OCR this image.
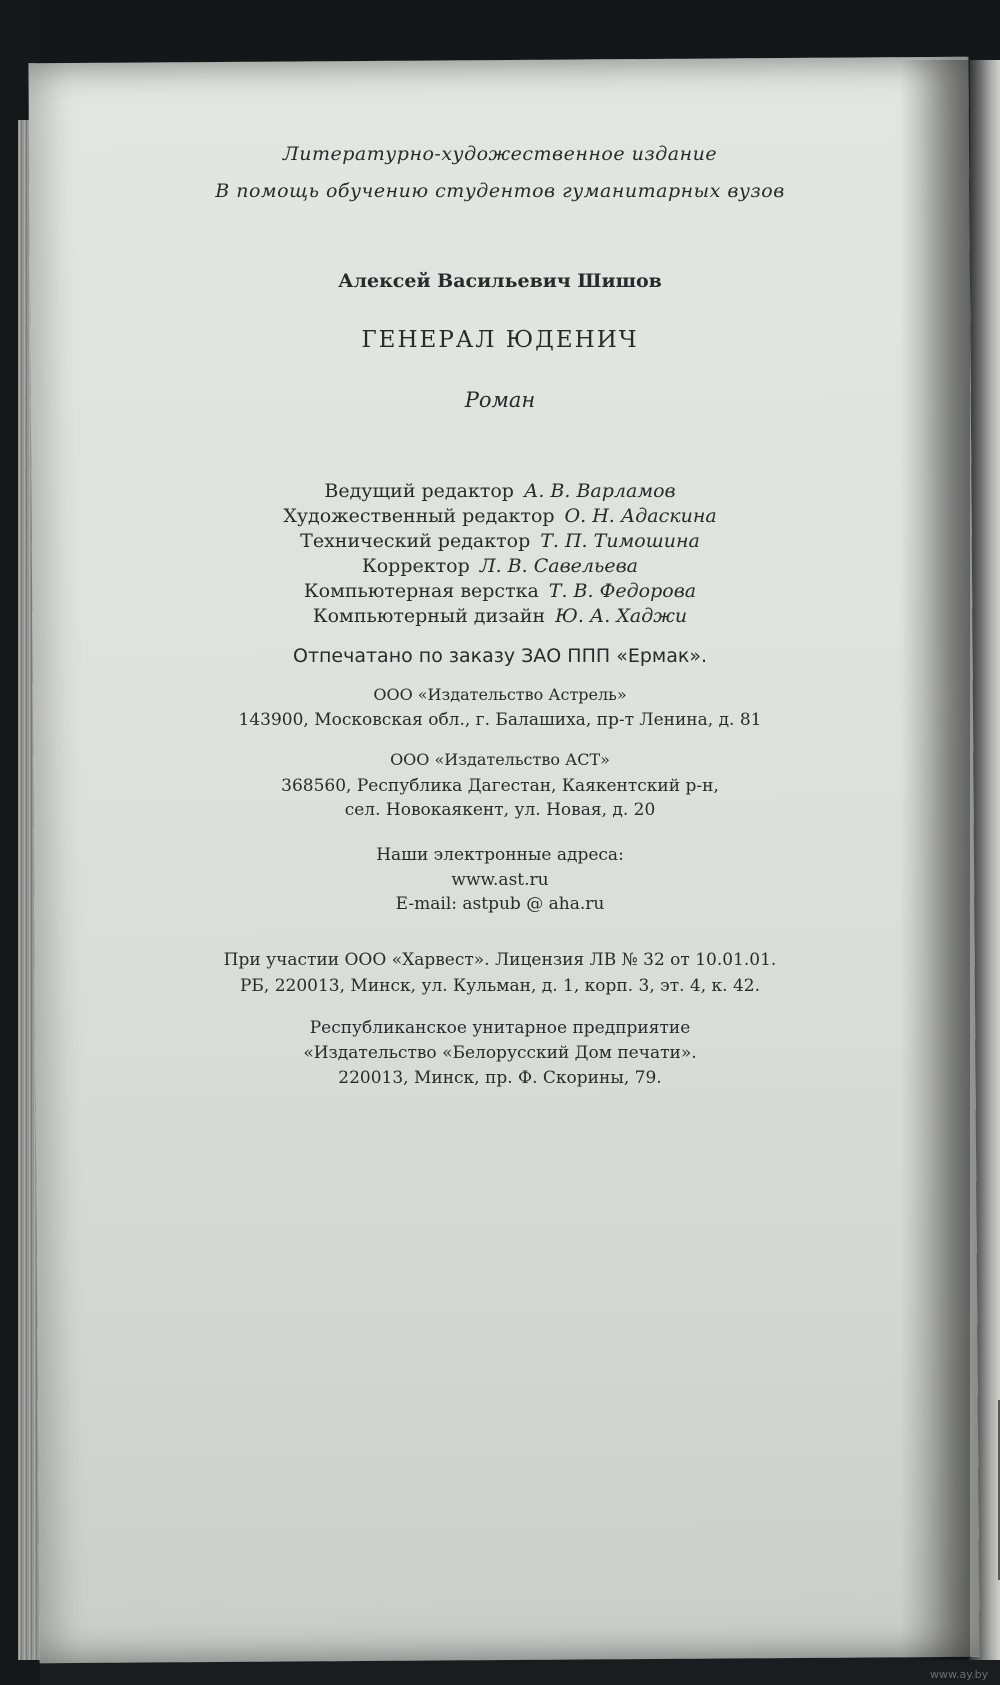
Литературно-художественное издание
В помощь обучению студентов гуманитарных вузов
Алексей Васильевич Шишов
ГЕНЕРАЛ ЮДЕНИЧ
Роман
Ведущий редактор А. В. Варламов
Художественный редактор О. Н. Адаскина
Технический редактор Т. П. Тимошина
Корректор Л. В. Савельева
Компьютерная верстка Т. В. Федорова
Компьютерный дизайн Ю. А. Хаджи
Отпечатано по заказу ЗАО ППП «Ермак».
ООО «Издательство Астрель»
143900, Московская обл., г. Балашиха, пр-т Ленина, д. 81
ООО «Издательство АСТ»
368560, Республика Дагестан, Каякентский р-н,
сел. Новокаякент, ул. Новая, д. 20
Наши электронные адреса:
www.ast.ru
E-mail: astpub @ aha.ru
При участии ООО «Харвест». Лицензия ЛВ № 32 от 10.01.01.
РБ, 220013, Минск, ул. Кульман, д. 1, корп. 3, эт. 4, к. 42.
Республиканское унитарное предприятие
«Издательство «Белорусский Дом печати».
220013, Минск, пр. Ф. Скорины, 79.
www.ay.by
